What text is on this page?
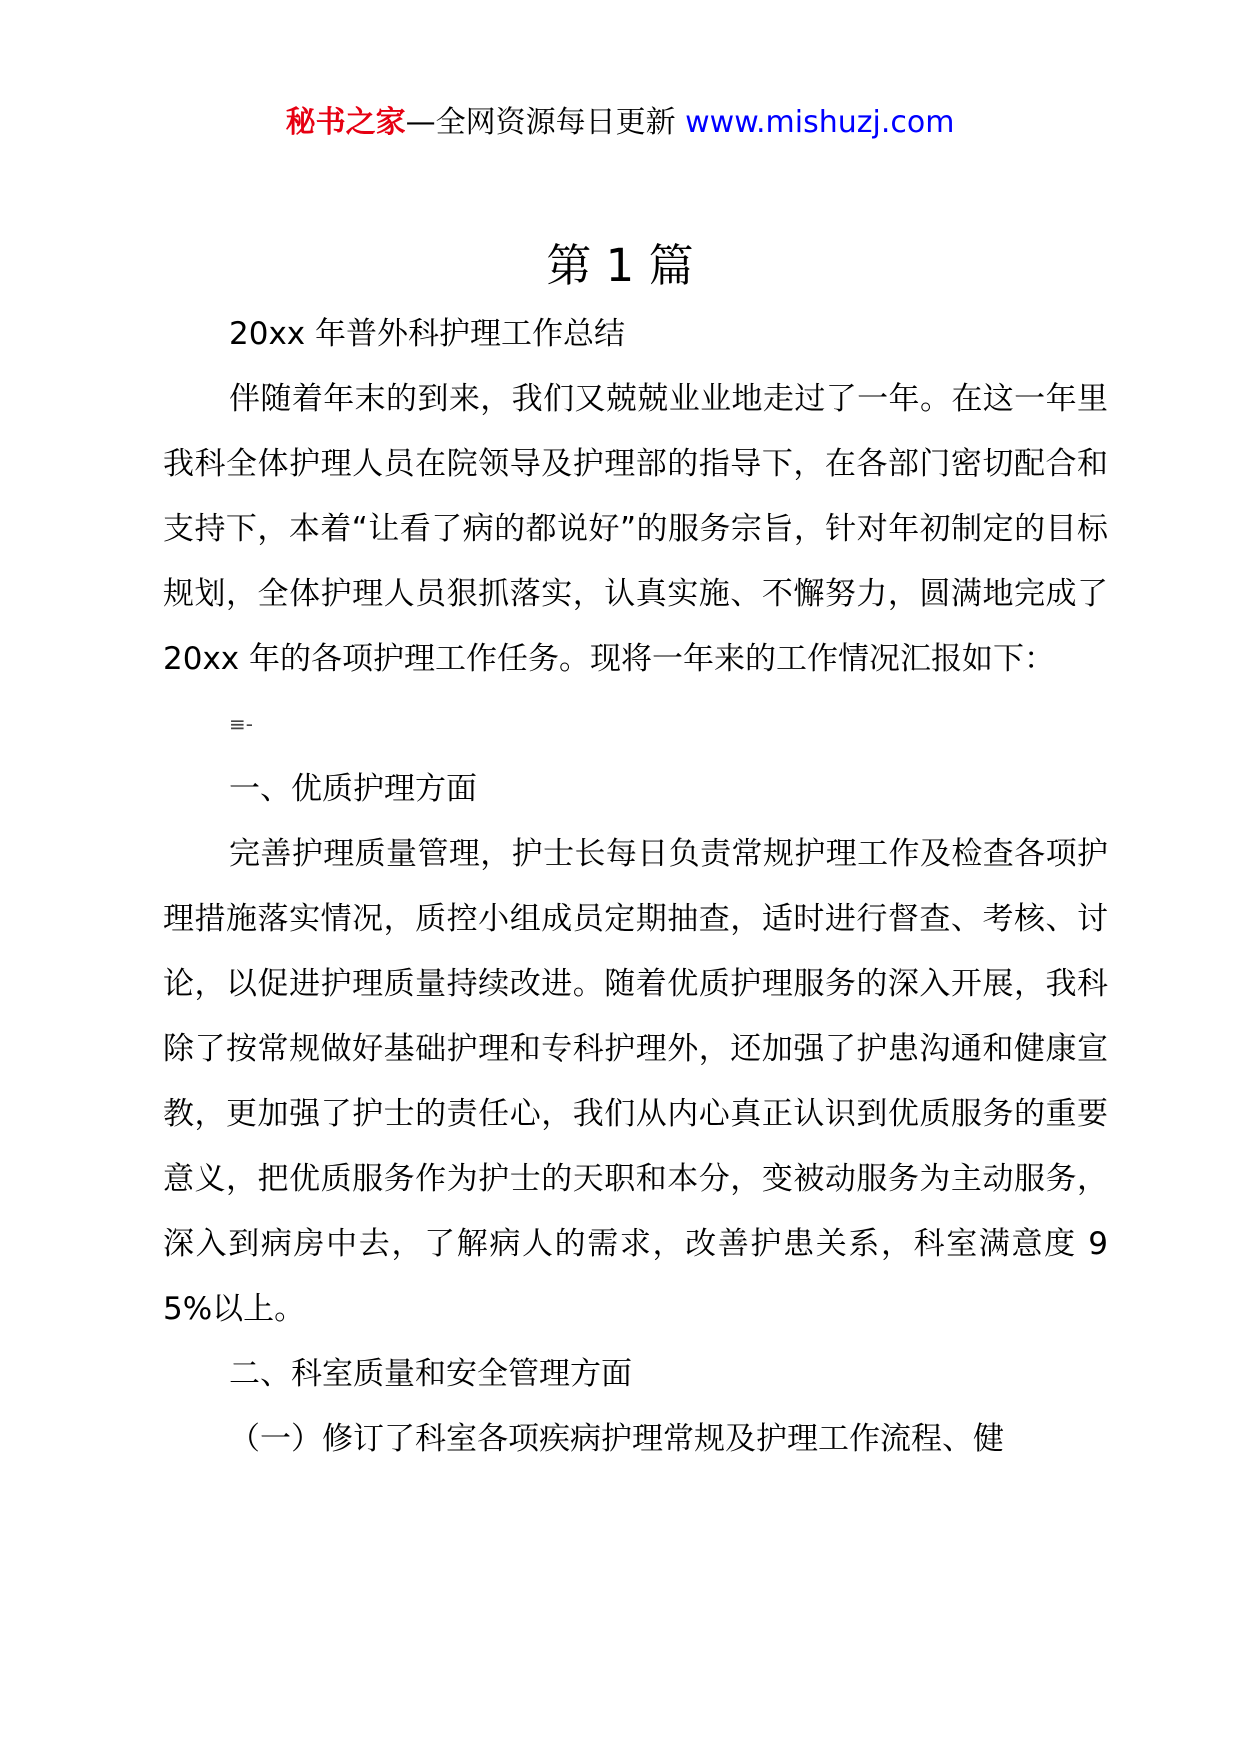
秘书之家—全网资源每日更新 www.mishuzj.com
第 1 篇

20xx 年普外科护理工作总结

伴随着年末的到来，我们又兢兢业业地走过了一年。在这一年里我科全体护理人员在院领导及护理部的指导下，在各部门密切配合和支持下，本着“让看了病的都说好”的服务宗旨，针对年初制定的目标规划，全体护理人员狠抓落实，认真实施、不懈努力，圆满地完成了 20xx 年的各项护理工作任务。现将一年来的工作情况汇报如下：

≡-

一、优质护理方面

完善护理质量管理，护士长每日负责常规护理工作及检查各项护理措施落实情况，质控小组成员定期抽查，适时进行督查、考核、讨论，以促进护理质量持续改进。随着优质护理服务的深入开展，我科除了按常规做好基础护理和专科护理外，还加强了护患沟通和健康宣教，更加强了护士的责任心，我们从内心真正认识到优质服务的重要意义，把优质服务作为护士的天职和本分，变被动服务为主动服务，深入到病房中去，了解病人的需求，改善护患关系，科室满意度 95%以上。

二、科室质量和安全管理方面

（一）修订了科室各项疾病护理常规及护理工作流程、健
